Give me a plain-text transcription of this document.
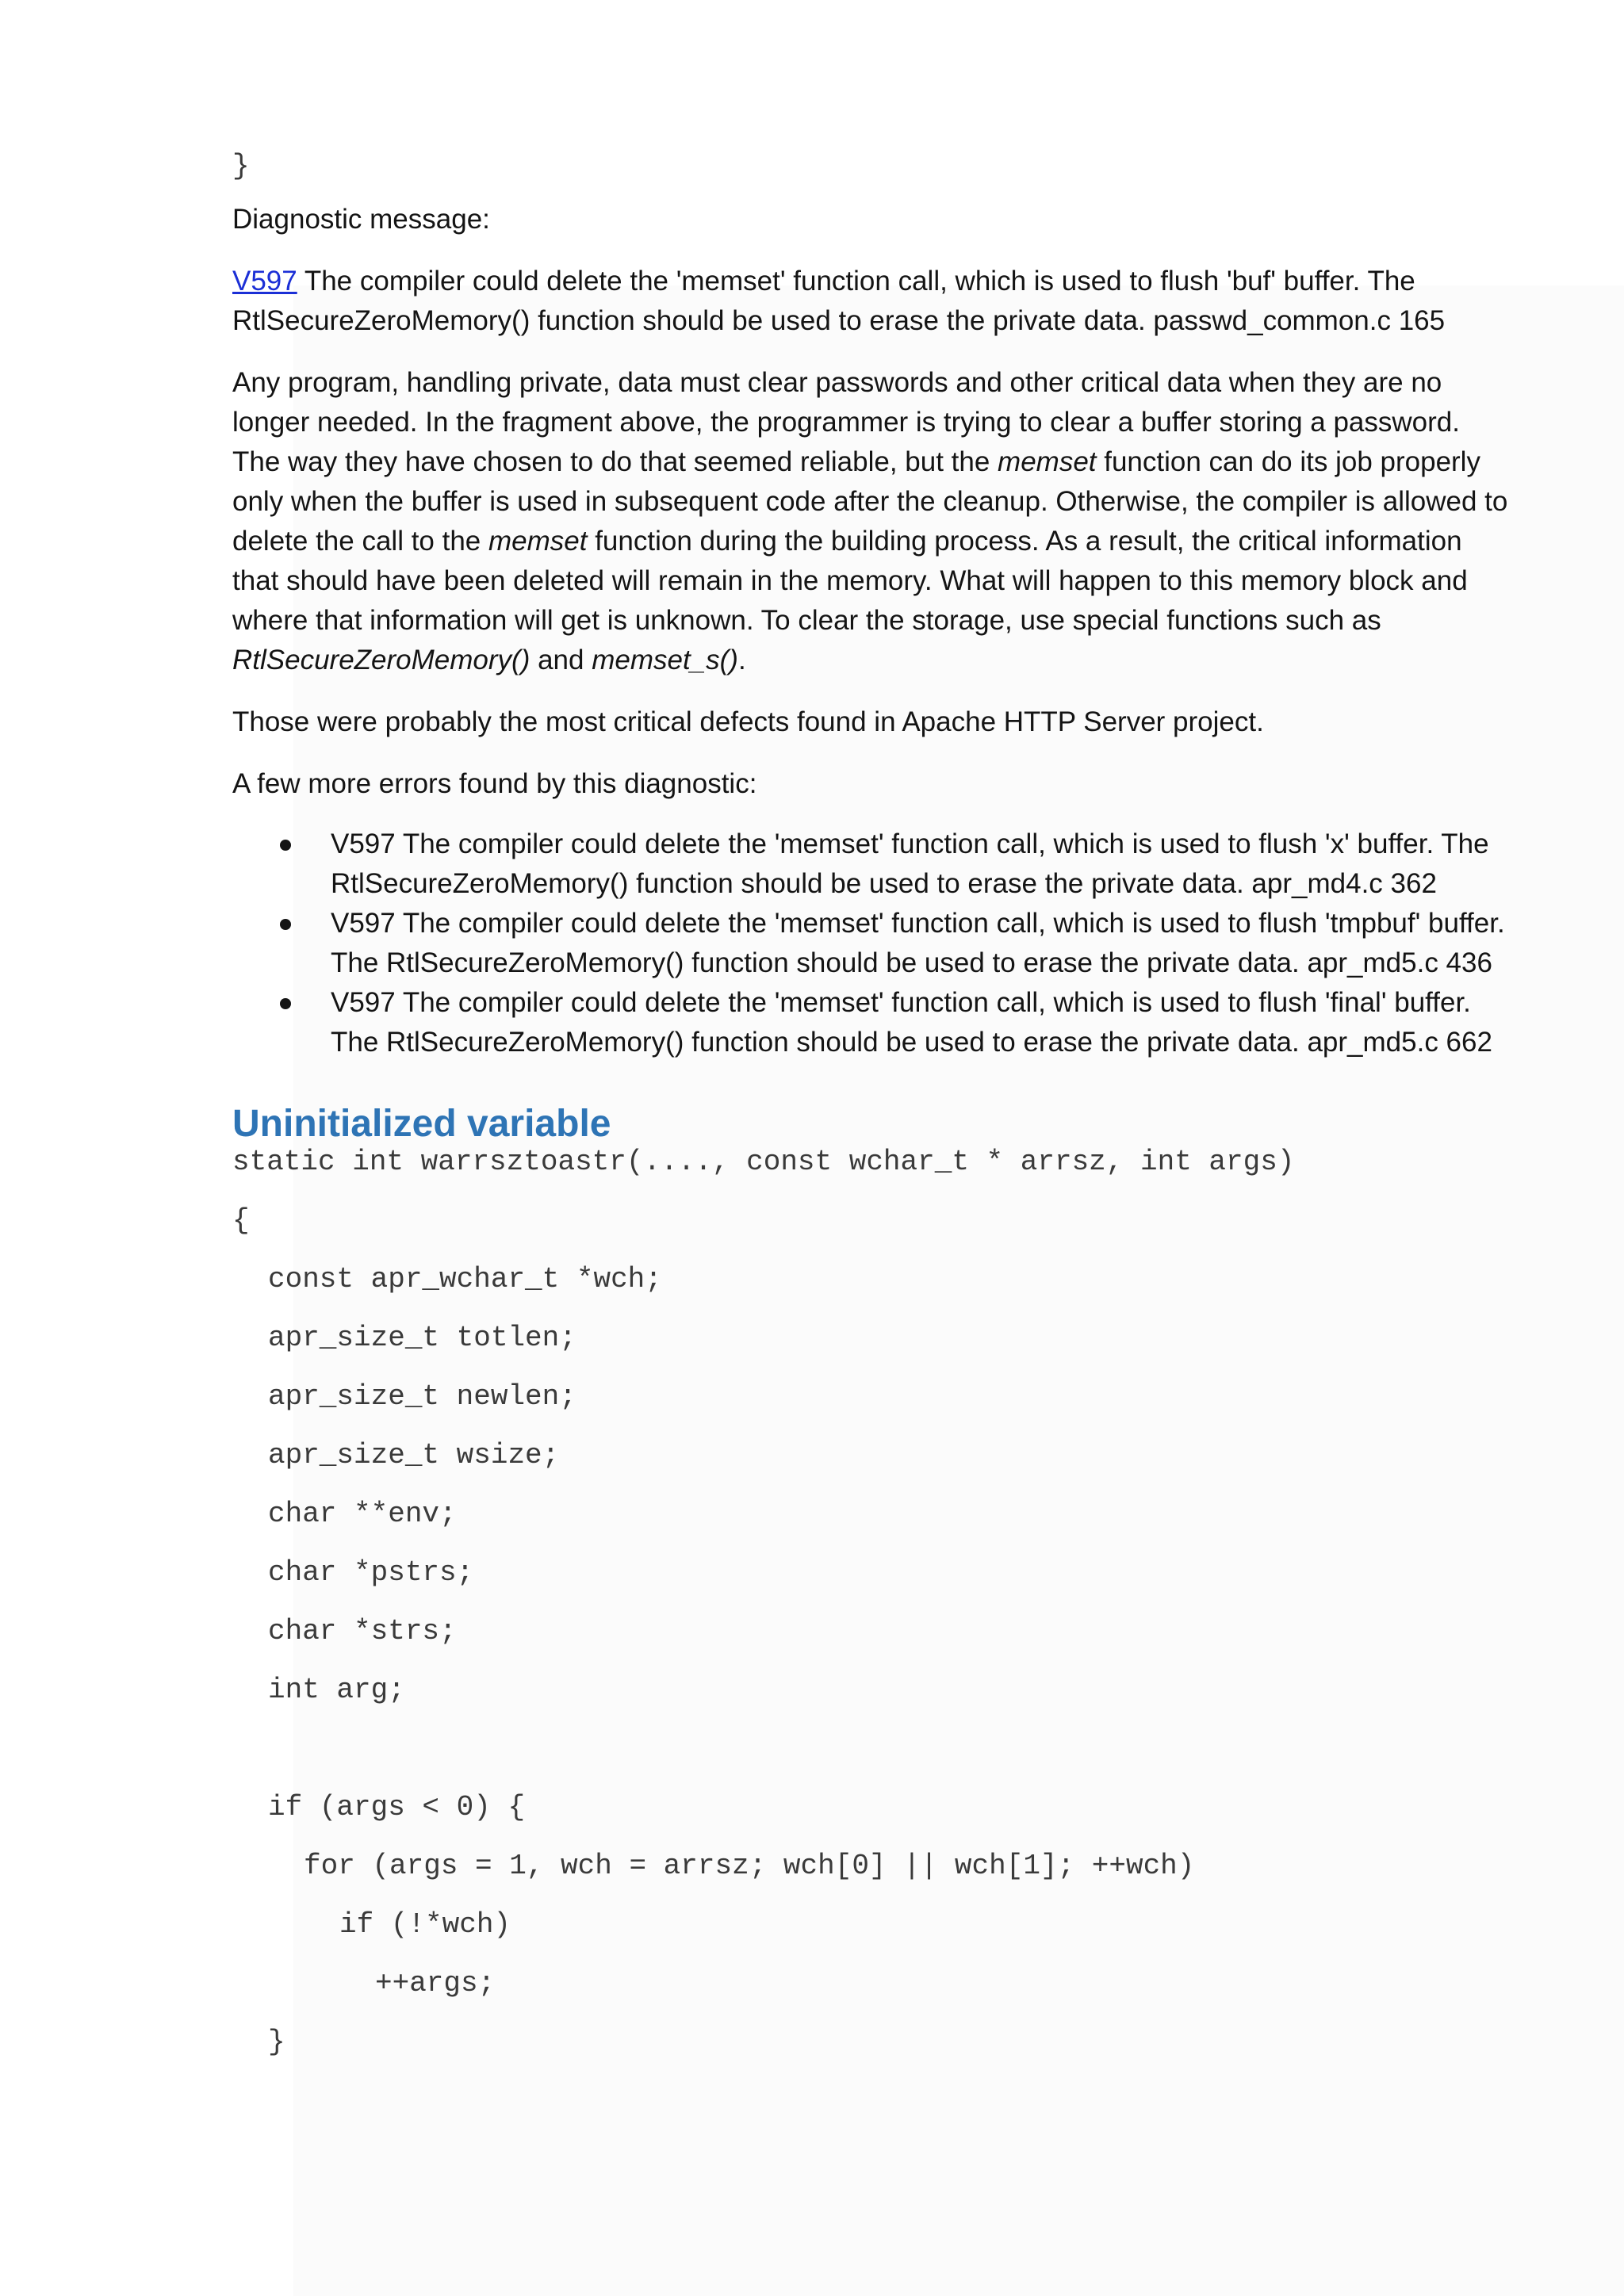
}

Diagnostic message:

V597 The compiler could delete the 'memset' function call, which is used to flush 'buf' buffer. The RtlSecureZeroMemory() function should be used to erase the private data. passwd_common.c 165

Any program, handling private, data must clear passwords and other critical data when they are no longer needed. In the fragment above, the programmer is trying to clear a buffer storing a password. The way they have chosen to do that seemed reliable, but the memset function can do its job properly only when the buffer is used in subsequent code after the cleanup. Otherwise, the compiler is allowed to delete the call to the memset function during the building process. As a result, the critical information that should have been deleted will remain in the memory. What will happen to this memory block and where that information will get is unknown. To clear the storage, use special functions such as RtlSecureZeroMemory() and memset_s().

Those were probably the most critical defects found in Apache HTTP Server project.

A few more errors found by this diagnostic:

V597 The compiler could delete the 'memset' function call, which is used to flush 'x' buffer. The RtlSecureZeroMemory() function should be used to erase the private data. apr_md4.c 362
V597 The compiler could delete the 'memset' function call, which is used to flush 'tmpbuf' buffer. The RtlSecureZeroMemory() function should be used to erase the private data. apr_md5.c 436
V597 The compiler could delete the 'memset' function call, which is used to flush 'final' buffer. The RtlSecureZeroMemory() function should be used to erase the private data. apr_md5.c 662
Uninitialized variable
static int warrsztoastr(...., const wchar_t * arrsz, int args)
{
const apr_wchar_t *wch;
apr_size_t totlen;
apr_size_t newlen;
apr_size_t wsize;
char **env;
char *pstrs;
char *strs;
int arg;
if (args < 0) {
for (args = 1, wch = arrsz; wch[0] || wch[1]; ++wch)
if (!*wch)
++args;
}
